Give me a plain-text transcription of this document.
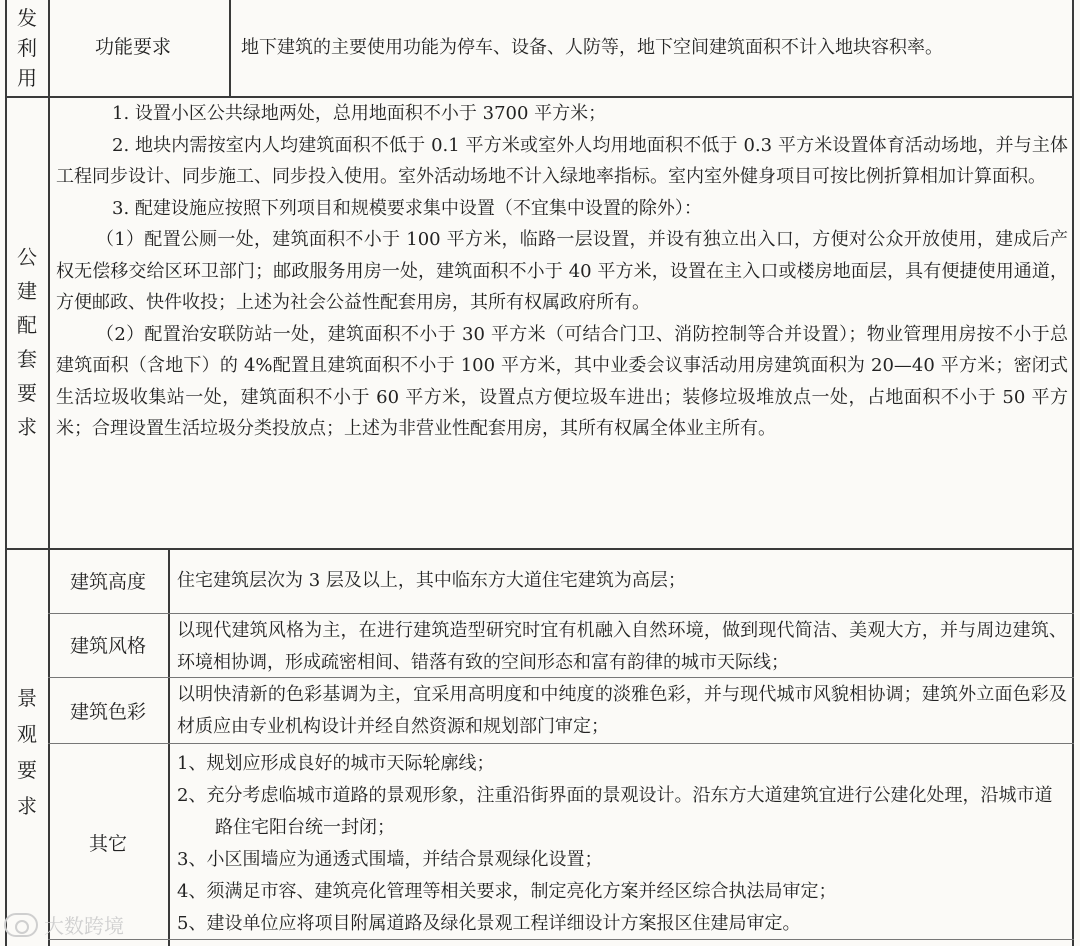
发
利
用
功能要求	地下建筑的主要使用功能为停车、设备、人防等，地下空间建筑面积不计入地块容积率。
公
建
配
套
要
求

1. 设置小区公共绿地两处，总用地面积不小于 3700 平方米；

2. 地块内需按室内人均建筑面积不低于 0.1 平方米或室外人均用地面积不低于 0.3 平方米设置体育活动场地，并与主体工程同步设计、同步施工、同步投入使用。室外活动场地不计入绿地率指标。室内室外健身项目可按比例折算相加计算面积。

3. 配建设施应按照下列项目和规模要求集中设置（不宜集中设置的除外）：

（1）配置公厕一处，建筑面积不小于 100 平方米，临路一层设置，并设有独立出入口，方便对公众开放使用，建成后产权无偿移交给区环卫部门；邮政服务用房一处，建筑面积不小于 40 平方米，设置在主入口或楼房地面层，具有便捷使用通道，方便邮政、快件收投；上述为社会公益性配套用房，其所有权属政府所有。

（2）配置治安联防站一处，建筑面积不小于 30 平方米（可结合门卫、消防控制等合并设置）；物业管理用房按不小于总建筑面积（含地下）的 4%配置且建筑面积不小于 100 平方米，其中业委会议事活动用房建筑面积为 20—40 平方米；密闭式生活垃圾收集站一处，建筑面积不小于 60 平方米，设置点方便垃圾车进出；装修垃圾堆放点一处，占地面积不小于 50 平方米；合理设置生活垃圾分类投放点；上述为非营业性配套用房，其所有权属全体业主所有。

景
观
要
求
建筑高度	住宅建筑层次为 3 层及以上，其中临东方大道住宅建筑为高层；

建筑风格

以现代建筑风格为主，在进行建筑造型研究时宜有机融入自然环境，做到现代简洁、美观大方，并与周边建筑、环境相协调，形成疏密相间、错落有致的空间形态和富有韵律的城市天际线；

建筑色彩

以明快清新的色彩基调为主，宜采用高明度和中纯度的淡雅色彩，并与现代城市风貌相协调；建筑外立面色彩及材质应由专业机构设计并经自然资源和规划部门审定；

其它

1、规划应形成良好的城市天际轮廓线；

2、充分考虑临城市道路的景观形象，注重沿街界面的景观设计。沿东方大道建筑宜进行公建化处理，沿城市道路住宅阳台统一封闭；

3、小区围墙应为通透式围墙，并结合景观绿化设置；

4、须满足市容、建筑亮化管理等相关要求，制定亮化方案并经区综合执法局审定；

5、建设单位应将项目附属道路及绿化景观工程详细设计方案报区住建局审定。

大数跨境
